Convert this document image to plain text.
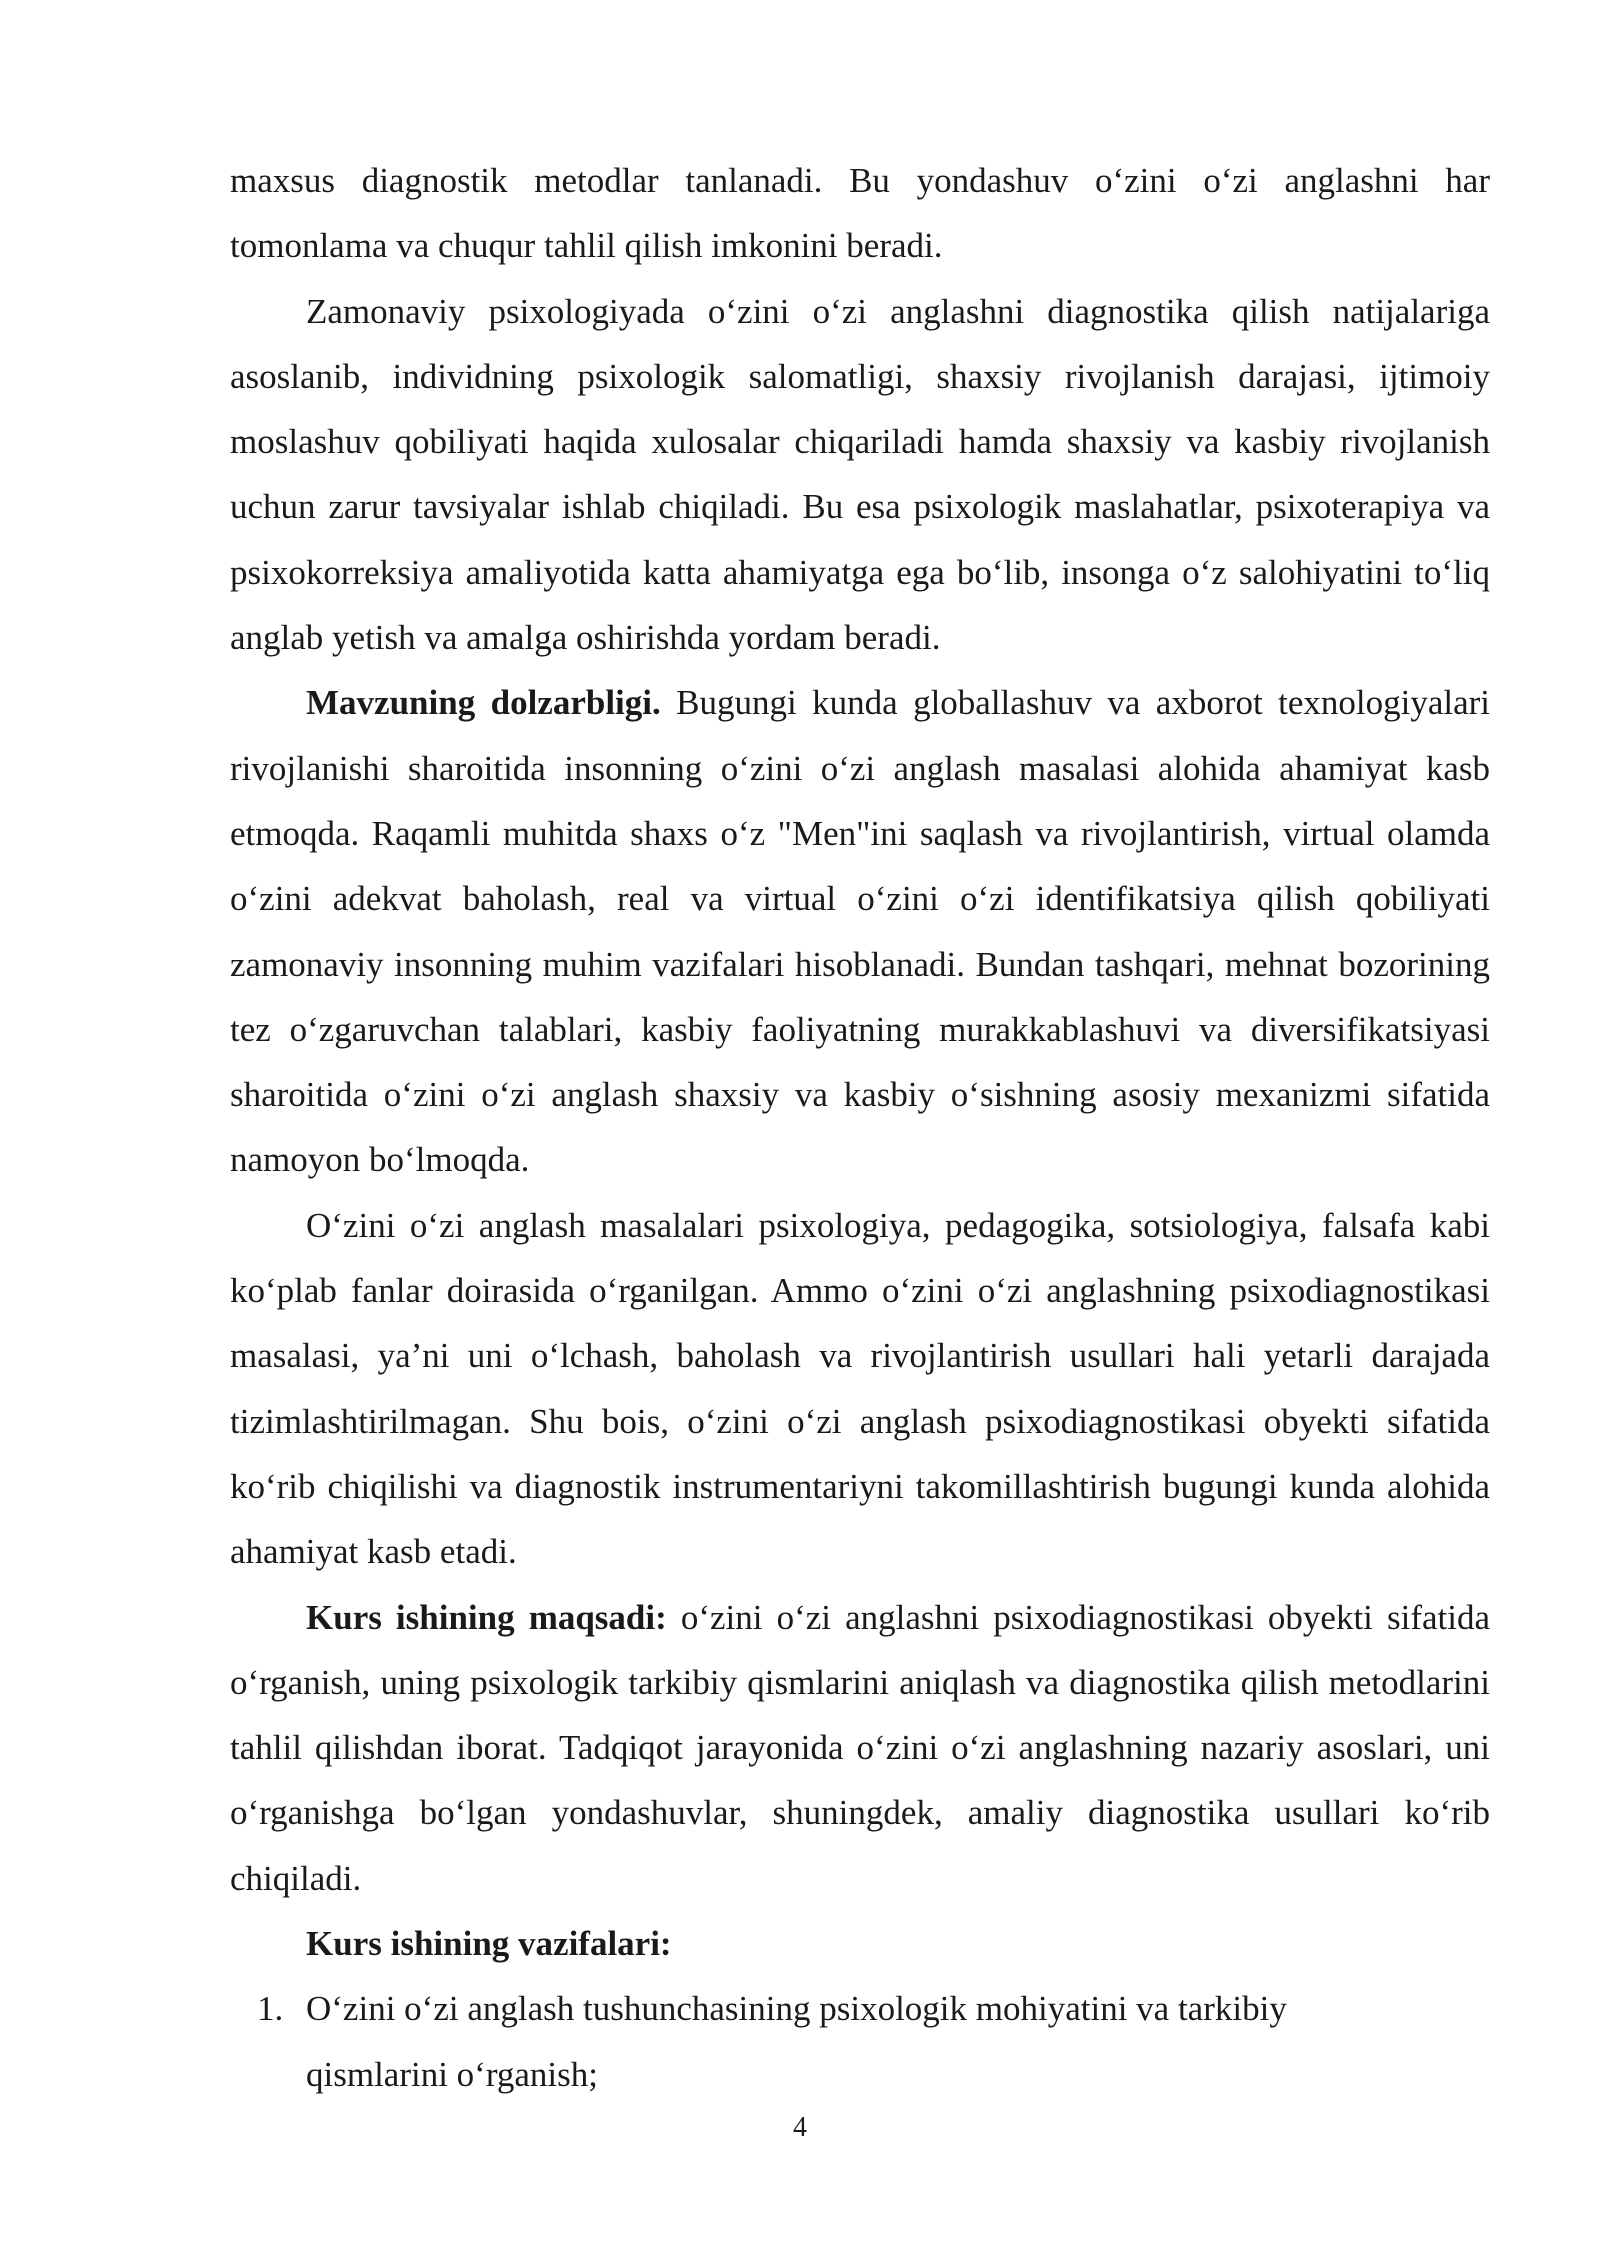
maxsus diagnostik metodlar tanlanadi. Bu yondashuv o‘zini o‘zi anglashni har tomonlama va chuqur tahlil qilish imkonini beradi.

Zamonaviy psixologiyada o‘zini o‘zi anglashni diagnostika qilish natijalariga asoslanib, individning psixologik salomatligi, shaxsiy rivojlanish darajasi, ijtimoiy moslashuv qobiliyati haqida xulosalar chiqariladi hamda shaxsiy va kasbiy rivojlanish uchun zarur tavsiyalar ishlab chiqiladi. Bu esa psixologik maslahatlar, psixoterapiya va psixokorreksiya amaliyotida katta ahamiyatga ega bo‘lib, insonga o‘z salohiyatini to‘liq anglab yetish va amalga oshirishda yordam beradi.

Mavzuning dolzarbligi. Bugungi kunda globallashuv va axborot texnologiyalari rivojlanishi sharoitida insonning o‘zini o‘zi anglash masalasi alohida ahamiyat kasb etmoqda. Raqamli muhitda shaxs o‘z "Men"ini saqlash va rivojlantirish, virtual olamda o‘zini adekvat baholash, real va virtual o‘zini o‘zi identifikatsiya qilish qobiliyati zamonaviy insonning muhim vazifalari hisoblanadi. Bundan tashqari, mehnat bozorining tez o‘zgaruvchan talablari, kasbiy faoliyatning murakkablashuvi va diversifikatsiyasi sharoitida o‘zini o‘zi anglash shaxsiy va kasbiy o‘sishning asosiy mexanizmi sifatida namoyon bo‘lmoqda.

O‘zini o‘zi anglash masalalari psixologiya, pedagogika, sotsiologiya, falsafa kabi ko‘plab fanlar doirasida o‘rganilgan. Ammo o‘zini o‘zi anglashning psixodiagnostikasi masalasi, ya’ni uni o‘lchash, baholash va rivojlantirish usullari hali yetarli darajada tizimlashtirilmagan. Shu bois, o‘zini o‘zi anglash psixodiagnostikasi obyekti sifatida ko‘rib chiqilishi va diagnostik instrumentariyni takomillashtirish bugungi kunda alohida ahamiyat kasb etadi.

Kurs ishining maqsadi: o‘zini o‘zi anglashni psixodiagnostikasi obyekti sifatida o‘rganish, uning psixologik tarkibiy qismlarini aniqlash va diagnostika qilish metodlarini tahlil qilishdan iborat. Tadqiqot jarayonida o‘zini o‘zi anglashning nazariy asoslari, uni o‘rganishga bo‘lgan yondashuvlar, shuningdek, amaliy diagnostika usullari ko‘rib chiqiladi.

Kurs ishining vazifalari:

1. O‘zini o‘zi anglash tushunchasining psixologik mohiyatini va tarkibiy
qismlarini o‘rganish;
4
